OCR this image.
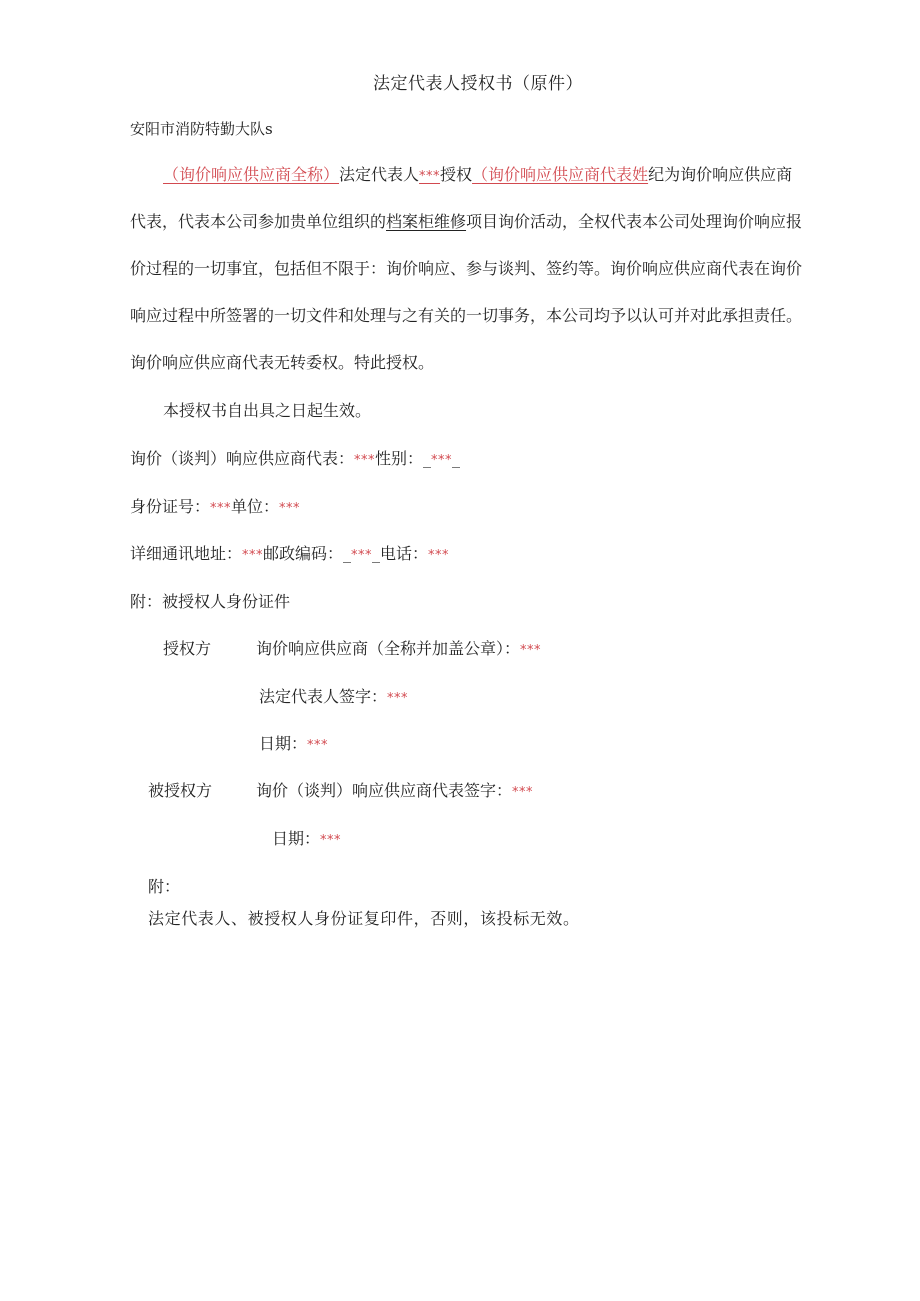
法定代表人授权书（原件）
安阳市消防特勤大队s
（询价响应供应商全称）法定代表人***授权（询价响应供应商代表姓纪为询价响应供应商
代表，代表本公司参加贵单位组织的档案柜维修项目询价活动，全权代表本公司处理询价响应报
价过程的一切事宜，包括但不限于：询价响应、参与谈判、签约等。询价响应供应商代表在询价
响应过程中所签署的一切文件和处理与之有关的一切事务，本公司均予以认可并对此承担责任。
询价响应供应商代表无转委权。特此授权。
本授权书自出具之日起生效。
询价（谈判）响应供应商代表：***性别：_***_
身份证号：***单位：***
详细通讯地址：***邮政编码：_***_电话：***
附：被授权人身份证件
授权方	询价响应供应商（全称并加盖公章）：***
法定代表人签字：***
日期：***
被授权方	询价（谈判）响应供应商代表签字：***
日期：***
附：
法定代表人、被授权人身份证复印件，否则，该投标无效。
